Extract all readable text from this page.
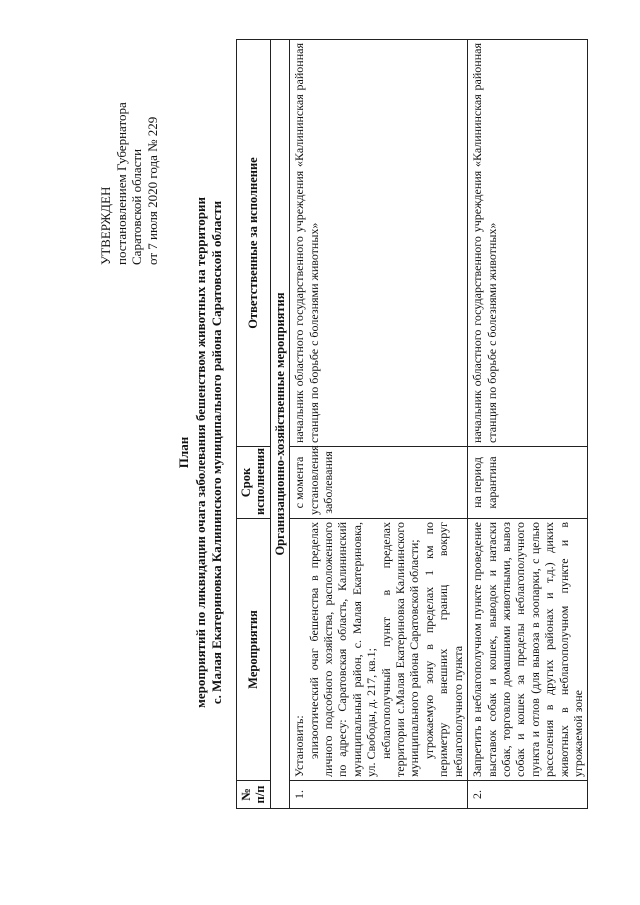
УТВЕРЖДЕН постановлением Губернатора Саратовской области от 7 июля 2020 года № 229
План мероприятий по ликвидации очага заболевания бешенством животных на территории с. Малая Екатериновка Калининского муниципального района Саратовской области
№ п/п	Мероприятия	Срок исполнения	Ответственные за исполнение
Организационно-хозяйственные мероприятия			
1.	Установить: эпизоотический очаг бешенства в пределах личного подсобного хозяйства, расположенного по адресу: Саратовская область, Калининский муниципальный район, с. Малая Екатериновка, ул. Свободы, д. 217, кв.1; неблагополучный пункт в пределах территории с.Малая Екатериновка Калининского муниципального района Саратовской области; угрожаемую зону в пределах 1 км по периметру внешних границ вокруг неблагополучного пункта	с момента установления заболевания	начальник областного государственного учреждения «Калининская районная станция по борьбе с болезнями животных»
2.	Запретить в неблагополучном пункте проведение выставок собак и кошек, выводок и натаски собак, торговлю домашними животными, вывоз собак и кошек за пределы неблагополучного пункта и отлов (для вывоза в зоопарки, с целью расселения в других районах и т.д.) диких животных в неблагополучном пункте и в угрожаемой зоне	на период карантина	начальник областного государственного учреждения «Калининская районная станция по борьбе с болезнями животных»
